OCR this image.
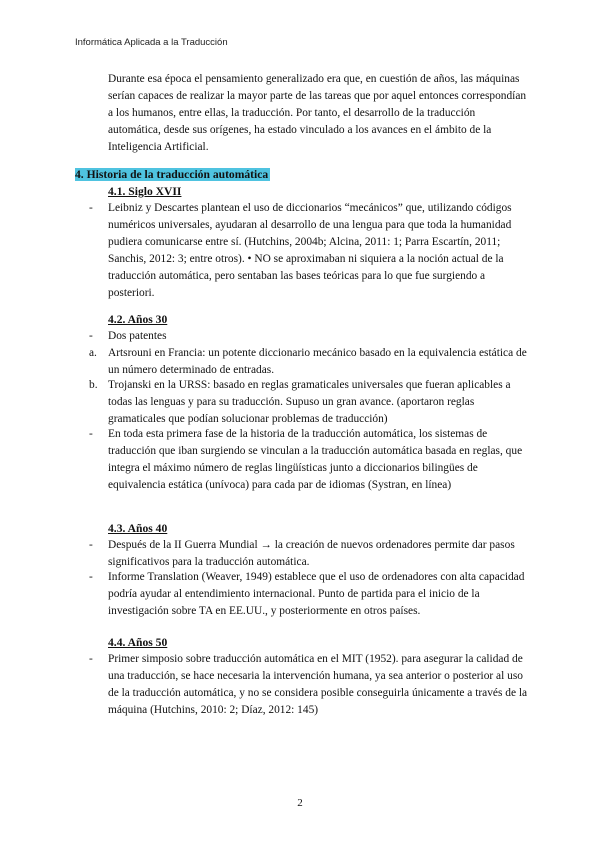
Informática Aplicada a la Traducción

Durante esa época el pensamiento generalizado era que, en cuestión de años, las máquinas serían capaces de realizar la mayor parte de las tareas que por aquel entonces correspondían a los humanos, entre ellas, la traducción. Por tanto, el desarrollo de la traducción automática, desde sus orígenes, ha estado vinculado a los avances en el ámbito de la Inteligencia Artificial.

4. Historia de la traducción automática
4.1. Siglo XVII
-	Leibniz y Descartes plantean el uso de diccionarios “mecánicos” que, utilizando códigos numéricos universales, ayudaran al desarrollo de una lengua para que toda la humanidad pudiera comunicarse entre sí. (Hutchins, 2004b; Alcina, 2011: 1; Parra Escartín, 2011; Sanchis, 2012: 3; entre otros). • NO se aproximaban ni siquiera a la noción actual de la traducción automática, pero sentaban las bases teóricas para lo que fue surgiendo a posteriori.
4.2. Años 30
-	Dos patentes
a. Artsrouni en Francia: un potente diccionario mecánico basado en la equivalencia estática de un número determinado de entradas.
b. Trojanski en la URSS: basado en reglas gramaticales universales que fueran aplicables a todas las lenguas y para su traducción. Supuso un gran avance. (aportaron reglas gramaticales que podían solucionar problemas de traducción)
-	En toda esta primera fase de la historia de la traducción automática, los sistemas de traducción que iban surgiendo se vinculan a la traducción automática basada en reglas, que integra el máximo número de reglas lingüísticas junto a diccionarios bilingües de equivalencia estática (unívoca) para cada par de idiomas (Systran, en línea)
4.3. Años 40
-	Después de la II Guerra Mundial → la creación de nuevos ordenadores permite dar pasos significativos para la traducción automática.
-	Informe Translation (Weaver, 1949) establece que el uso de ordenadores con alta capacidad podría ayudar al entendimiento internacional. Punto de partida para el inicio de la investigación sobre TA en EE.UU., y posteriormente en otros países.
4.4. Años 50
-	Primer simposio sobre traducción automática en el MIT (1952). para asegurar la calidad de una traducción, se hace necesaria la intervención humana, ya sea anterior o posterior al uso de la traducción automática, y no se considera posible conseguirla únicamente a través de la máquina (Hutchins, 2010: 2; Díaz, 2012: 145)
2
